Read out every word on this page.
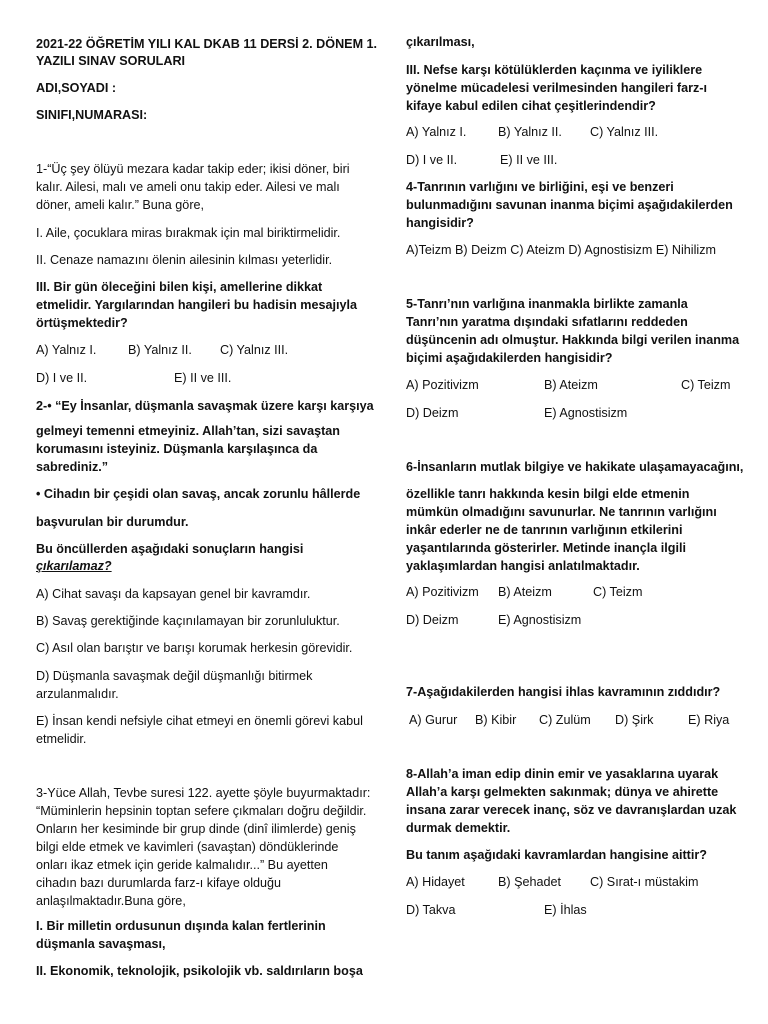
2021-22 ÖĞRETİM YILI KAL DKAB 11 DERSİ 2. DÖNEM 1.
YAZILI SINAV SORULARI
ADI,SOYADI :
SINIFI,NUMARASI:
1-“Üç şey ölüyü mezara kadar takip eder; ikisi döner, biri kalır. Ailesi, malı ve ameli onu takip eder. Ailesi ve malı döner, ameli kalır.” Buna göre,
I. Aile, çocuklara miras bırakmak için mal biriktirmelidir.
II. Cenaze namazını ölenin ailesinin kılması yeterlidir.
III. Bir gün öleceğini bilen kişi, amellerine dikkat etmelidir. Yargılarından hangileri bu hadisin mesajıyla örtüşmektedir?
A) Yalnız I.	B) Yalnız II. C) Yalnız III.
D) I ve II.	E) II ve III.
2-• “Ey İnsanlar, düşmanla savaşmak üzere karşı karşıya
gelmeyi temenni etmeyiniz. Allah’tan, sizi savaştan korumasını isteyiniz. Düşmanla karşılaşınca da sabrediniz.”
• Cihadın bir çeşidi olan savaş, ancak zorunlu hâllerde
başvurulan bir durumdur.
Bu öncüllerden aşağıdaki sonuçların hangisi
çıkarılamaz?
A) Cihat savaşı da kapsayan genel bir kavramdır.
B) Savaş gerektiğinde kaçınılamayan bir zorunluluktur.
C) Asıl olan barıştır ve barışı korumak herkesin görevidir.
D) Düşmanla savaşmak değil düşmanlığı bitirmek arzulanmalıdır.
E) İnsan kendi nefsiyle cihat etmeyi en önemli görevi kabul etmelidir.
3-Yüce Allah, Tevbe suresi 122. ayette şöyle buyurmaktadır: “Müminlerin hepsinin toptan sefere çıkmaları doğru değildir. Onların her kesiminde bir grup dinde (dinî ilimlerde) geniş bilgi elde etmek ve kavimleri (savaştan) döndüklerinde onları ikaz etmek için geride kalmalıdır...” Bu ayetten cihadın bazı durumlarda farz-ı kifaye olduğu anlaşılmaktadır.Buna göre,
I. Bir milletin ordusunun dışında kalan fertlerinin düşmanla savaşması,
II. Ekonomik, teknolojik, psikolojik vb. saldırıların boşa
çıkarılması,
III. Nefse karşı kötülüklerden kaçınma ve iyiliklere yönelme mücadelesi verilmesinden hangileri farz-ı kifaye kabul edilen cihat çeşitlerindendir?
A) Yalnız I.	B) Yalnız II. C) Yalnız III.
D) I ve II.	E) II ve III.
4-Tanrının varlığını ve birliğini, eşi ve benzeri bulunmadığını savunan inanma biçimi aşağıdakilerden hangisidir?
A)Teizm B) Deizm C) Ateizm D) Agnostisizm E) Nihilizm
5-Tanrı’nın varlığına inanmakla birlikte zamanla Tanrı’nın yaratma dışındaki sıfatlarını reddeden düşüncenin adı olmuştur. Hakkında bilgi verilen inanma biçimi aşağıdakilerden hangisidir?
A) Pozitivizm	B) Ateizm	C) Teizm
D) Deizm	E) Agnostisizm
6-İnsanların mutlak bilgiye ve hakikate ulaşamayacağını,
özellikle tanrı hakkında kesin bilgi elde etmenin mümkün olmadığını savunurlar. Ne tanrının varlığını inkâr ederler ne de tanrının varlığının etkilerini yaşantılarında gösterirler. Metinde inançla ilgili yaklaşımlardan hangisi anlatılmaktadır.
A) Pozitivizm B) Ateizm	C) Teizm
D) Deizm	E) Agnostisizm
7-Aşağıdakilerden hangisi ihlas kavramının zıddıdır?
A) Gurur B) Kibir C) Zulüm D) Şirk	E) Riya
8-Allah’a iman edip dinin emir ve yasaklarına uyarak Allah’a karşı gelmekten sakınmak; dünya ve ahirette insana zarar verecek inanç, söz ve davranışlardan uzak durmak demektir.
Bu tanım aşağıdaki kavramlardan hangisine aittir?
A) Hidayet	B) Şehadet C) Sırat-ı müstakim
D) Takva	E) İhlas
